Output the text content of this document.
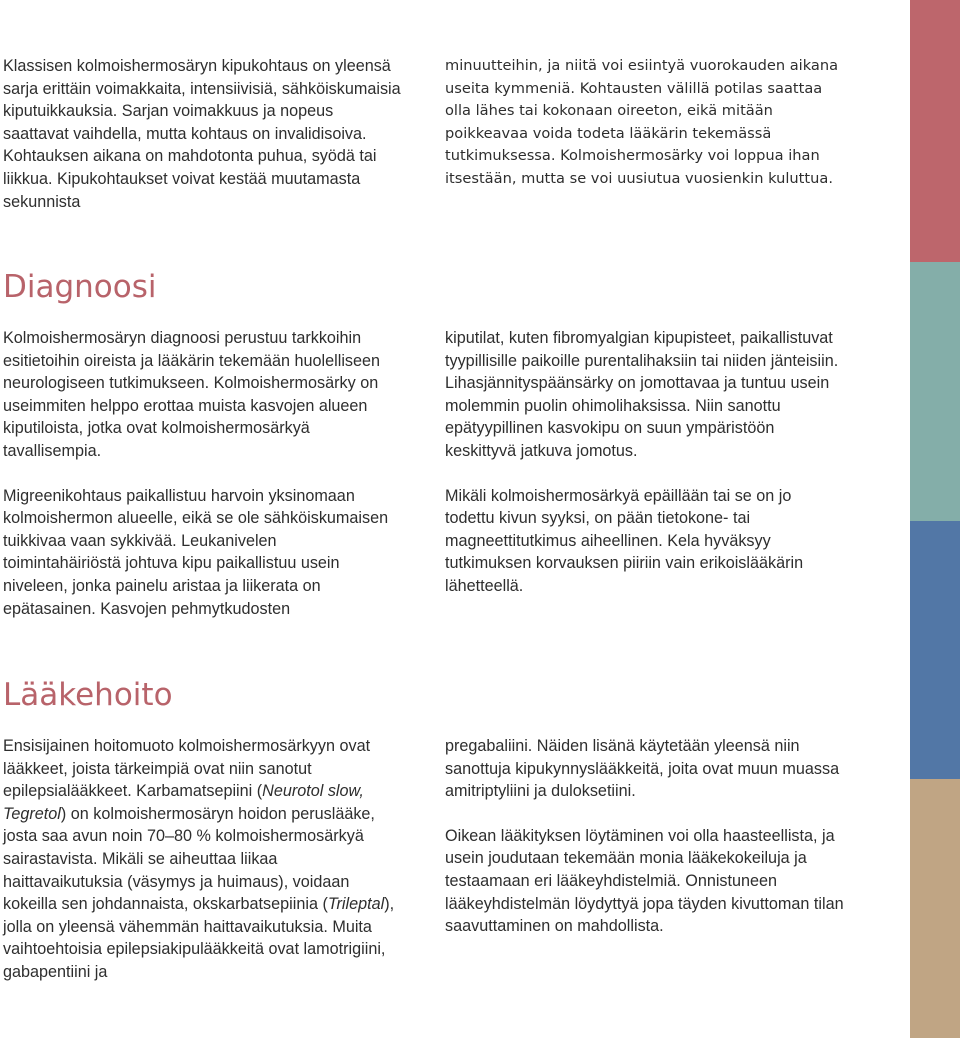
Klassisen kolmoishermosäryn kipukohtaus on yleensä sarja erittäin voimakkaita, intensiivisiä, sähköiskumaisia kiputuikkauksia. Sarjan voimakkuus ja nopeus saattavat vaihdella, mutta kohtaus on invalidisoiva. Kohtauksen aikana on mahdotonta puhua, syödä tai liikkua. Kipukohtaukset voivat kestää muutamasta sekunnista

minuutteihin, ja niitä voi esiintyä vuorokauden aikana useita kymmeniä. Kohtausten välillä potilas saattaa olla lähes tai kokonaan oireeton, eikä mitään poikkeavaa voida todeta lääkärin tekemässä tutkimuksessa. Kolmoishermosärky voi loppua ihan itsestään, mutta se voi uusiutua vuosienkin kuluttua.

Diagnoosi

Kolmoishermosäryn diagnoosi perustuu tarkkoihin esitietoihin oireista ja lääkärin tekemään huolelliseen neurologiseen tutkimukseen. Kolmoishermosärky on useimmiten helppo erottaa muista kasvojen alueen kiputiloista, jotka ovat kolmoishermosärkyä tavallisempia.

Migreenikohtaus paikallistuu harvoin yksinomaan kolmoishermon alueelle, eikä se ole sähköiskumaisen tuikkivaa vaan sykkivää. Leukanivelen toimintahäiriöstä johtuva kipu paikallistuu usein niveleen, jonka painelu aristaa ja liikerata on epätasainen. Kasvojen pehmytkudosten

kiputilat, kuten fibromyalgian kipupisteet, paikallistuvat tyypillisille paikoille purentalihaksiin tai niiden jänteisiin. Lihasjännityspäänsärky on jomottavaa ja tuntuu usein molemmin puolin ohimolihaksissa. Niin sanottu epätyypillinen kasvokipu on suun ympäristöön keskittyvä jatkuva jomotus.

Mikäli kolmoishermosärkyä epäillään tai se on jo todettu kivun syyksi, on pään tietokone- tai magneettitutkimus aiheellinen. Kela hyväksyy tutkimuksen korvauksen piiriin vain erikoislääkärin lähetteellä.

Lääkehoito

Ensisijainen hoitomuoto kolmoishermosärkyyn ovat lääkkeet, joista tärkeimpiä ovat niin sanotut epilepsialääkkeet. Karbamatsepiini (Neurotol slow, Tegretol) on kolmoishermosäryn hoidon peruslääke, josta saa avun noin 70–80 % kolmoishermosärkyä sairastavista. Mikäli se aiheuttaa liikaa haittavaikutuksia (väsymys ja huimaus), voidaan kokeilla sen johdannaista, okskarbatsepiinia (Trileptal), jolla on yleensä vähemmän haittavaikutuksia. Muita vaihtoehtoisia epilepsiakipulääkkeitä ovat lamotrigiini, gabapentiini ja

pregabaliini. Näiden lisänä käytetään yleensä niin sanottuja kipukynnyslääkkeitä, joita ovat muun muassa amitriptyliini ja duloksetiini.

Oikean lääkityksen löytäminen voi olla haasteellista, ja usein joudutaan tekemään monia lääkekokeiluja ja testaamaan eri lääkeyhdistelmiä. Onnistuneen lääkeyhdistelmän löydyttyä jopa täyden kivuttoman tilan saavuttaminen on mahdollista.
